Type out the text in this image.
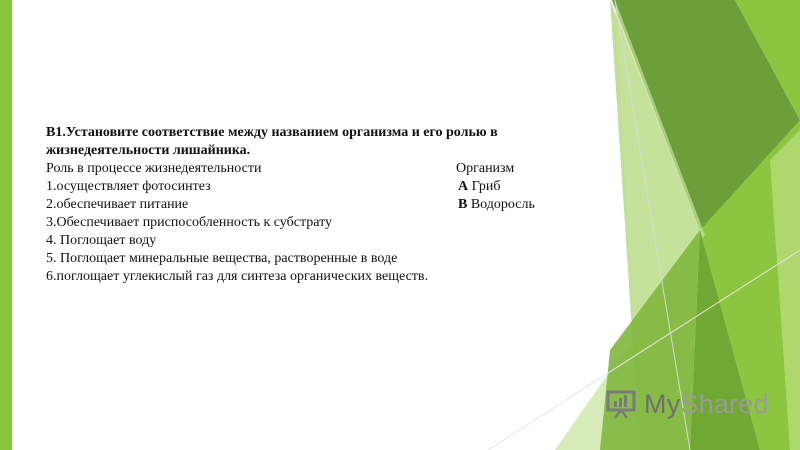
В1.Установите соответствие между названием организма и его ролью в жизнедеятельности лишайника.
Роль в процессе жизнедеятельности	Организм
1.осуществляет фотосинтез	А Гриб
2.обеспечивает питание	В Водоросль
3.Обеспечивает приспособленность к субстрату
4. Поглощает воду
5. Поглощает минеральные вещества, растворенные в воде
6.поглощает углекислый газ для синтеза органических веществ.
MyShared
